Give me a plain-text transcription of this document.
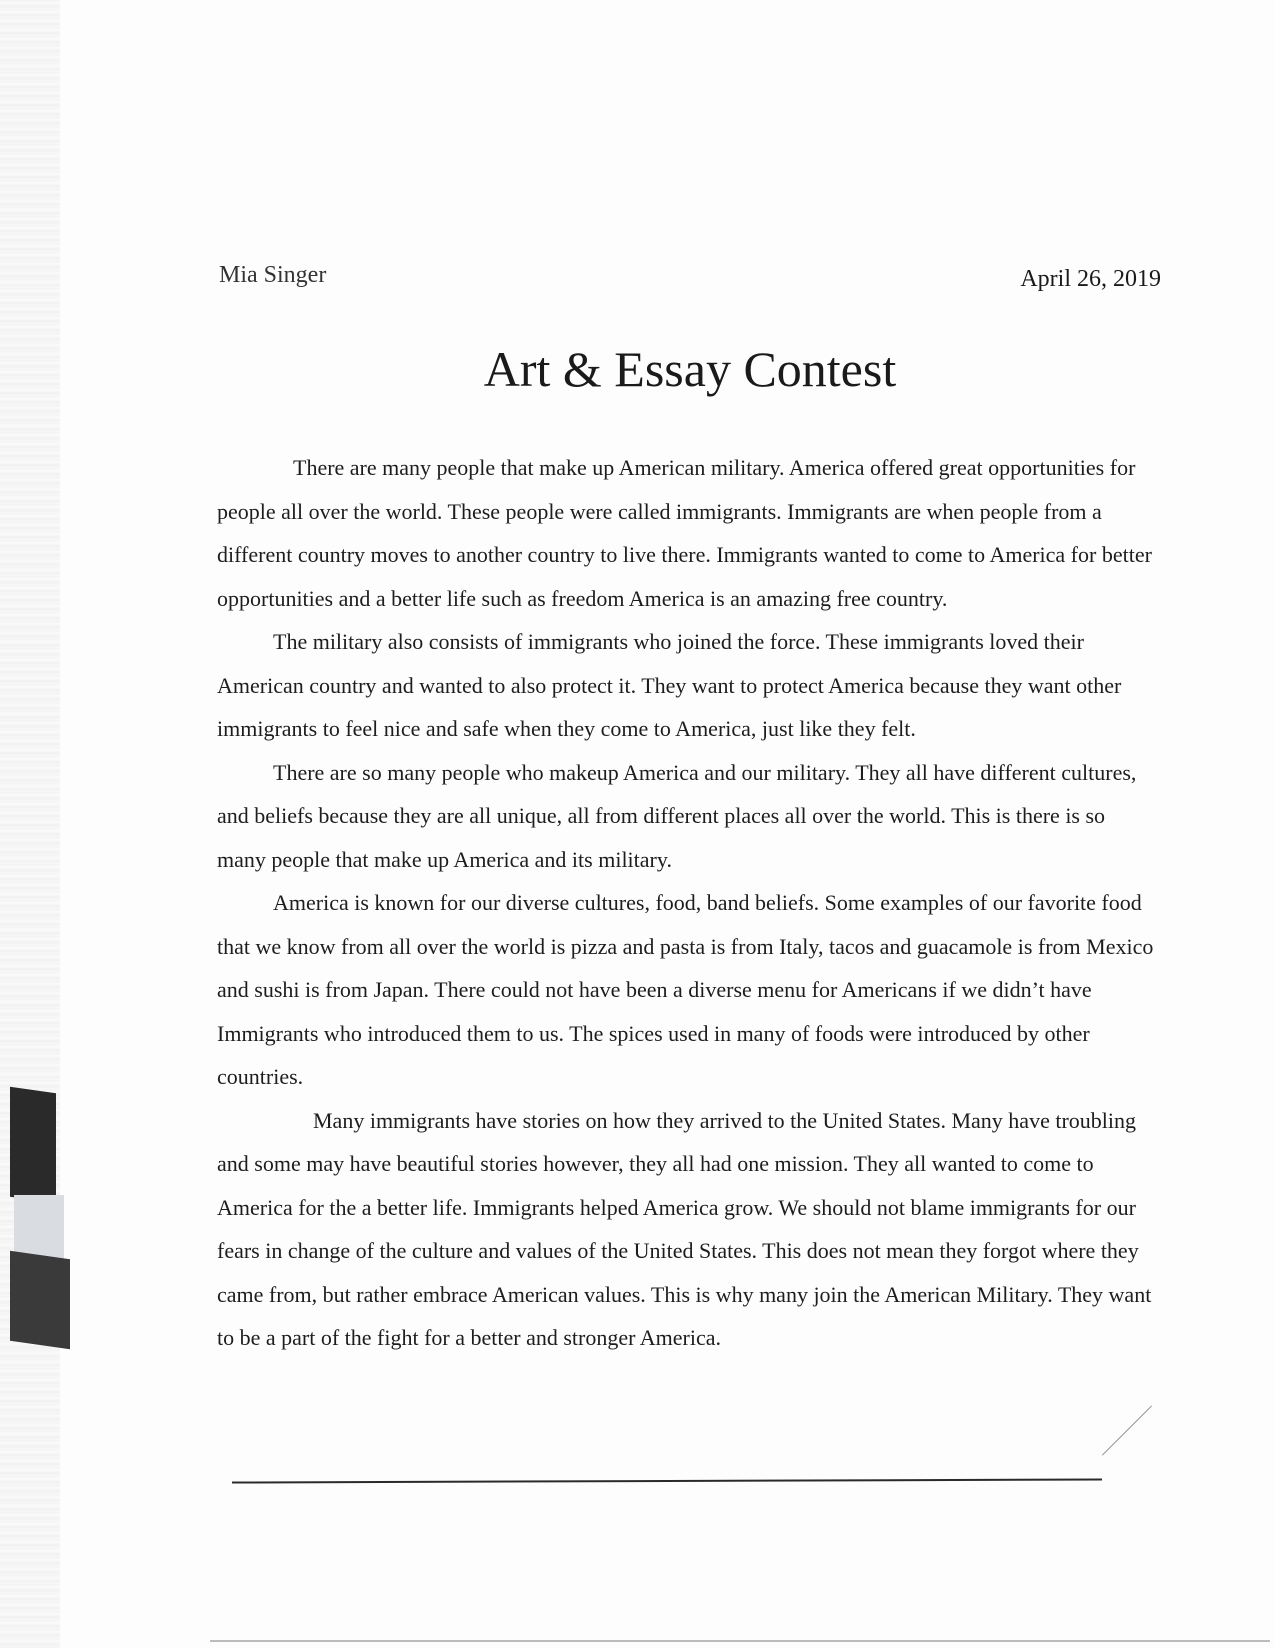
Mia Singer	April 26, 2019
Art & Essay Contest

There are many people that make up American military. America offered great opportunities for people all over the world. These people were called immigrants. Immigrants are when people from a different country moves to another country to live there. Immigrants wanted to come to America for better opportunities and a better life such as freedom America is an amazing free country.

The military also consists of immigrants who joined the force. These immigrants loved their American country and wanted to also protect it. They want to protect America because they want other immigrants to feel nice and safe when they come to America, just like they felt.

There are so many people who makeup America and our military. They all have different cultures, and beliefs because they are all unique, all from different places all over the world. This is there is so many people that make up America and its military.

America is known for our diverse cultures, food, band beliefs. Some examples of our favorite food that we know from all over the world is pizza and pasta is from Italy, tacos and guacamole is from Mexico and sushi is from Japan. There could not have been a diverse menu for Americans if we didn’t have Immigrants who introduced them to us. The spices used in many of foods were introduced by other countries.

Many immigrants have stories on how they arrived to the United States. Many have troubling and some may have beautiful stories however, they all had one mission. They all wanted to come to America for the a better life. Immigrants helped America grow. We should not blame immigrants for our fears in change of the culture and values of the United States. This does not mean they forgot where they came from, but rather embrace American values. This is why many join the American Military. They want to be a part of the fight for a better and stronger America.
